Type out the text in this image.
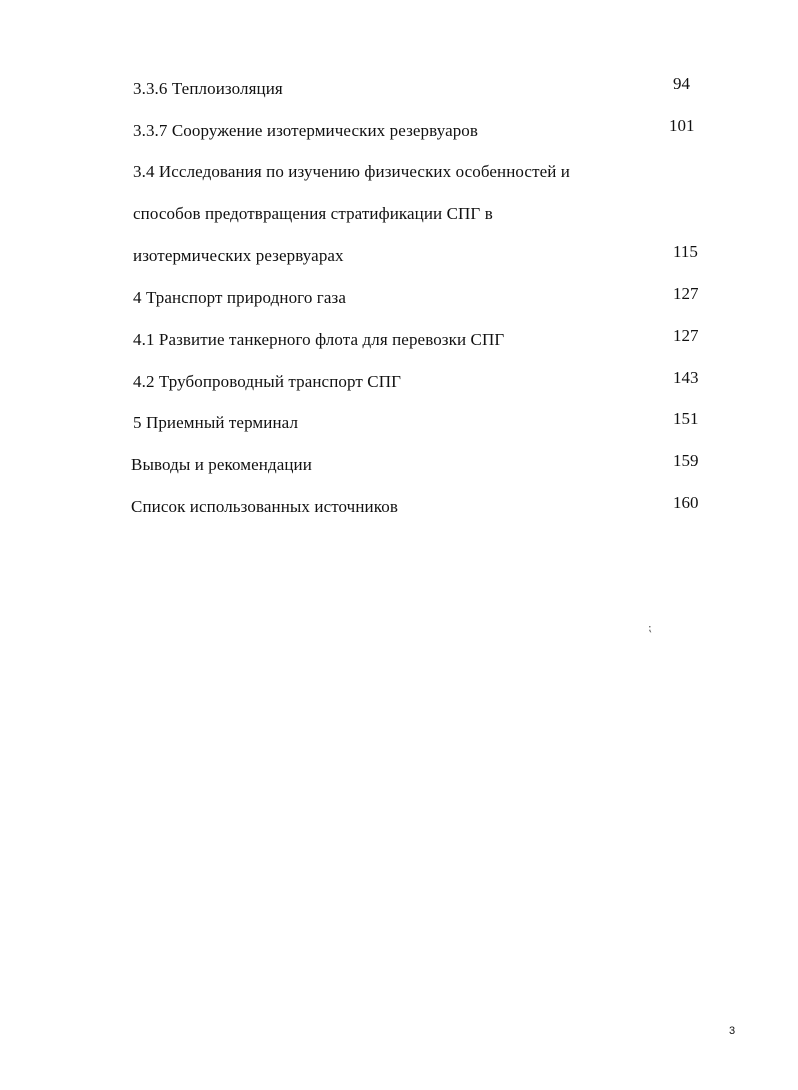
3.3.6 Теплоизоляция	94
3.3.7 Сооружение изотермических резервуаров	101
3.4 Исследования по изучению физических особенностей и
способов предотвращения стратификации СПГ в
изотермических резервуарах	115
4 Транспорт природного газа	127
4.1 Развитие танкерного флота для перевозки СПГ	127
4.2 Трубопроводный транспорт СПГ	143
5 Приемный терминал	151
Выводы и рекомендации	159
Список использованных источников	160
⁏
3
